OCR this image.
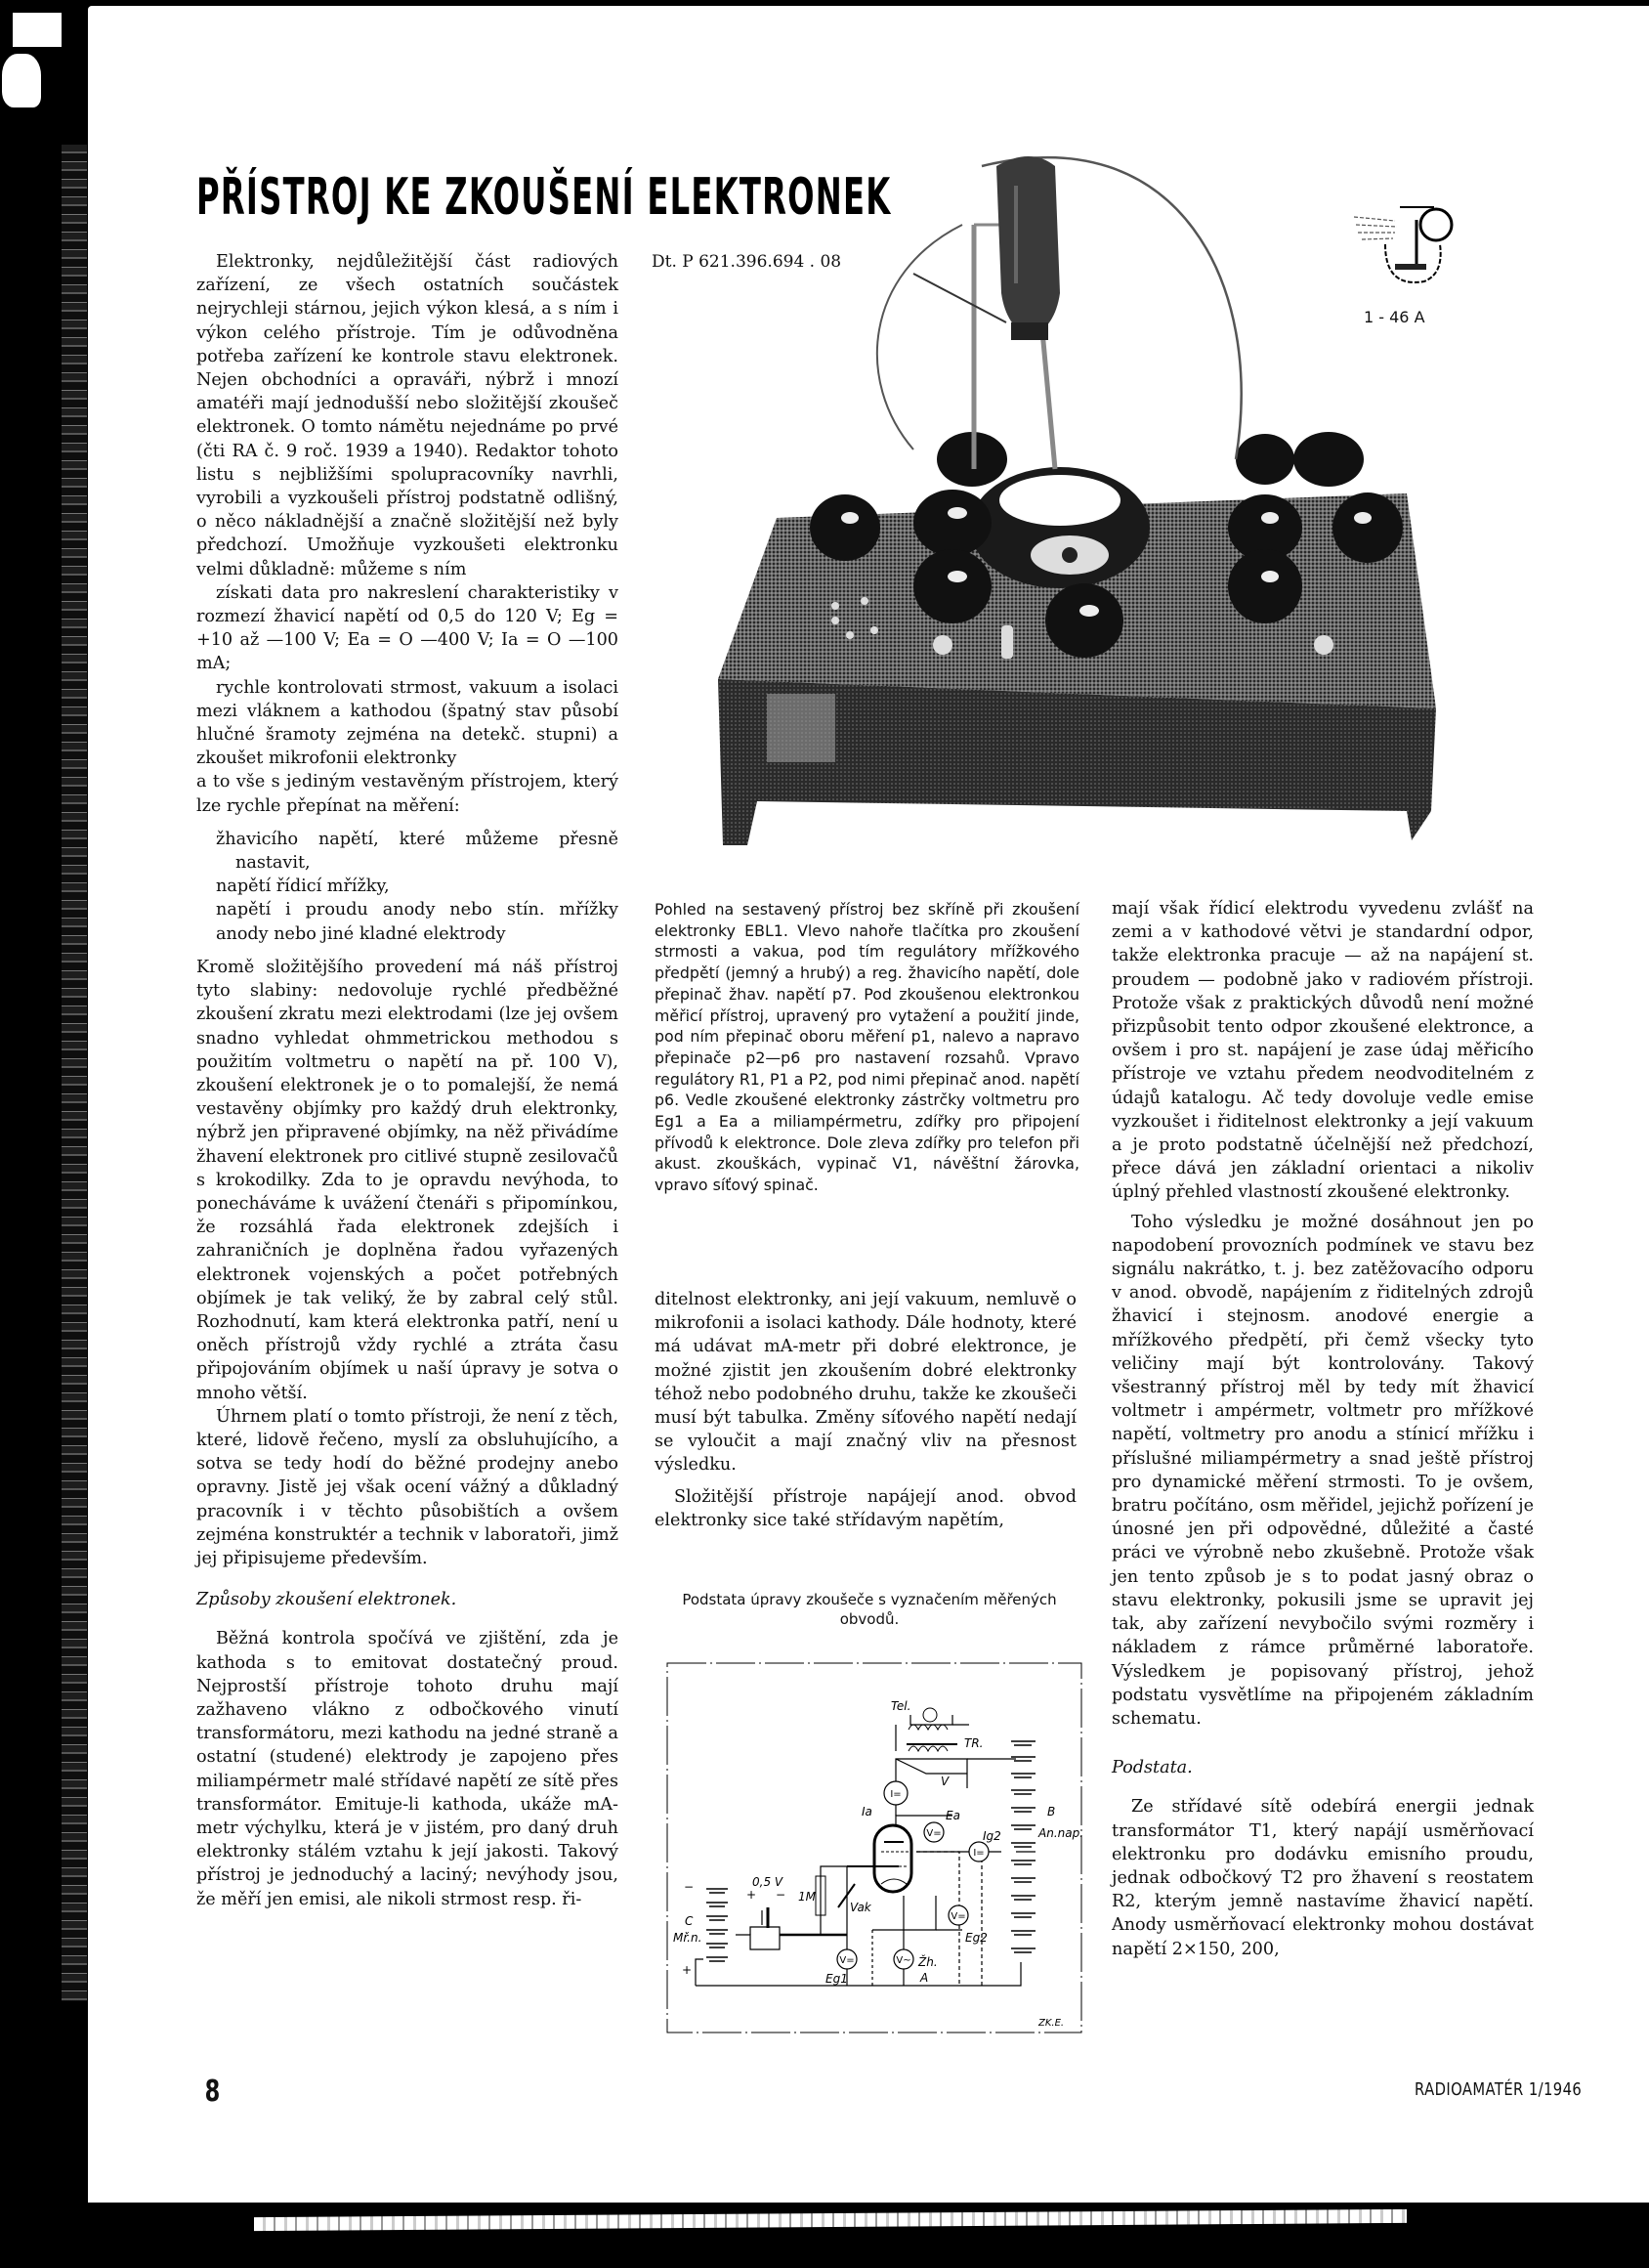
PŘÍSTROJ KE ZKOUŠENÍ ELEKTRONEK
Dt. P 621.396.694 . 08
1 - 46 A

Elektronky, nejdůležitější část radiových zařízení, ze všech ostatních součástek nejrychleji stárnou, jejich výkon klesá, a s ním i výkon celého přístroje. Tím je odůvodněna potřeba zařízení ke kontrole stavu elektronek. Nejen obchodníci a opraváři, nýbrž i mnozí amatéři mají jednodušší nebo složitější zkoušeč elektronek. O tomto námětu nejednáme po prvé (čti RA č. 9 roč. 1939 a 1940). Redaktor tohoto listu s nejbližšími spolupracovníky navrhli, vyrobili a vyzkoušeli přístroj podstatně odlišný, o něco nákladnější a značně složitější než byly předchozí. Umožňuje vyzkoušeti elektronku velmi důkladně: můžeme s ním

získati data pro nakreslení charakteristiky v rozmezí žhavicí napětí od 0,5 do 120 V; Eg = +10 až —100 V; Ea = O —400 V; Ia = O —100 mA;

rychle kontrolovati strmost, vakuum a isolaci mezi vláknem a kathodou (špatný stav působí hlučné šramoty zejména na detekč. stupni) a zkoušet mikrofonii elektronky

a to vše s jediným vestavěným přístrojem, který lze rychle přepínat na měření:

žhavicího napětí, které můžeme přesně nastavit,

napětí řídicí mřížky,

napětí i proudu anody nebo stín. mřížky anody nebo jiné kladné elektrody

Kromě složitějšího provedení má náš přístroj tyto slabiny: nedovoluje rychlé předběžné zkoušení zkratu mezi elektrodami (lze jej ovšem snadno vyhledat ohmmetrickou methodou s použitím voltmetru o napětí na př. 100 V), zkoušení elektronek je o to pomalejší, že nemá vestavěny objímky pro každý druh elektronky, nýbrž jen připravené objímky, na něž přivádíme žhavení elektronek pro citlivé stupně zesilovačů s krokodilky. Zda to je opravdu nevýhoda, to ponecháváme k uvážení čtenáři s připomínkou, že rozsáhlá řada elektronek zdejších i zahraničních je doplněna řadou vyřazených elektronek vojenských a počet potřebných objímek je tak veliký, že by zabral celý stůl. Rozhodnutí, kam která elektronka patří, není u oněch přístrojů vždy rychlé a ztráta času připojováním objímek u naší úpravy je sotva o mnoho větší.

Úhrnem platí o tomto přístroji, že není z těch, které, lidově řečeno, myslí za obsluhujícího, a sotva se tedy hodí do běžné prodejny anebo opravny. Jistě jej však ocení vážný a důkladný pracovník i v těchto působištích a ovšem zejména konstruktér a technik v laboratoři, jimž jej připisujeme především.

Způsoby zkoušení elektronek.

Běžná kontrola spočívá ve zjištění, zda je kathoda s to emitovat dostatečný proud. Nejprostší přístroje tohoto druhu mají zažhaveno vlákno z odbočkového vinutí transformátoru, mezi kathodu na jedné straně a ostatní (studené) elektrody je zapojeno přes miliampérmetr malé střídavé napětí ze sítě přes transformátor. Emituje-li kathoda, ukáže mA-metr výchylku, která je v jistém, pro daný druh elektronky stálém vztahu k její jakosti. Takový přístroj je jednoduchý a laciný; nevýhody jsou, že měří jen emisi, ale nikoli strmost resp. ři-

Pohled na sestavený přístroj bez skříně při zkoušení elektronky EBL1. Vlevo nahoře tlačítka pro zkoušení strmosti a vakua, pod tím regulátory mřížkového předpětí (jemný a hrubý) a reg. žhavicího napětí, dole přepinač žhav. napětí p7. Pod zkoušenou elektronkou měřicí přístroj, upravený pro vytažení a použití jinde, pod ním přepinač oboru měření p1, nalevo a napravo přepinače p2—p6 pro nastavení rozsahů. Vpravo regulátory R1, P1 a P2, pod nimi přepinač anod. napětí p6. Vedle zkoušené elektronky zástrčky voltmetru pro Eg1 a Ea a miliampérmetru, zdířky pro připojení přívodů k elektronce. Dole zleva zdířky pro telefon při akust. zkouškách, vypinač V1, návěštní žárovka, vpravo síťový spinač.

ditelnost elektronky, ani její vakuum, nemluvě o mikrofonii a isolaci kathody. Dále hodnoty, které má udávat mA-metr při dobré elektronce, je možné zjistit jen zkoušením dobré elektronky téhož nebo podobného druhu, takže ke zkoušeči musí být tabulka. Změny síťového napětí nedají se vyloučit a mají značný vliv na přesnost výsledku.

Složitější přístroje napájejí anod. obvod elektronky sice také střídavým napětím,

Podstata úpravy zkoušeče s vyznačením měřených obvodů.
I=
V=
I=
V=
V=	V~
Tel.
TR.
V
Ia	Ea	B
An.nap.
Ig2
0,5 V
+ −
−
+
1M
Vak
C
Mř.n.
Eg1
Žh.
A
Eg2
ZK.E.

mají však řídicí elektrodu vyvedenu zvlášť na zemi a v kathodové větvi je standardní odpor, takže elektronka pracuje — až na napájení st. proudem — podobně jako v radiovém přístroji. Protože však z praktických důvodů není možné přizpůsobit tento odpor zkoušené elektronce, a ovšem i pro st. napájení je zase údaj měřicího přístroje ve vztahu předem neodvoditelném z údajů katalogu. Ač tedy dovoluje vedle emise vyzkoušet i řiditelnost elektronky a její vakuum a je proto podstatně účelnější než předchozí, přece dává jen základní orientaci a nikoliv úplný přehled vlastností zkoušené elektronky.

Toho výsledku je možné dosáhnout jen po napodobení provozních podmínek ve stavu bez signálu nakrátko, t. j. bez zatěžovacího odporu v anod. obvodě, napájením z řiditelných zdrojů žhavicí i stejnosm. anodové energie a mřížkového předpětí, při čemž všecky tyto veličiny mají být kontrolovány. Takový všestranný přístroj měl by tedy mít žhavicí voltmetr i ampérmetr, voltmetr pro mřížkové napětí, voltmetry pro anodu a stínicí mřížku i příslušné miliampérmetry a snad ještě přístroj pro dynamické měření strmosti. To je ovšem, bratru počítáno, osm měřidel, jejichž pořízení je únosné jen při odpovědné, důležité a časté práci ve výrobně nebo zkušebně. Protože však jen tento způsob je s to podat jasný obraz o stavu elektronky, pokusili jsme se upravit jej tak, aby zařízení nevybočilo svými rozměry i nákladem z rámce průměrné laboratoře. Výsledkem je popisovaný přístroj, jehož podstatu vysvětlíme na připojeném základním schematu.

Podstata.

Ze střídavé sítě odebírá energii jednak transformátor T1, který napájí usměrňovací elektronku pro dodávku emisního proudu, jednak odbočkový T2 pro žhavení s reostatem R2, kterým jemně nastavíme žhavicí napětí. Anody usměrňovací elektronky mohou dostávat napětí 2×150, 200,

8	RADIOAMATÉR 1/1946
